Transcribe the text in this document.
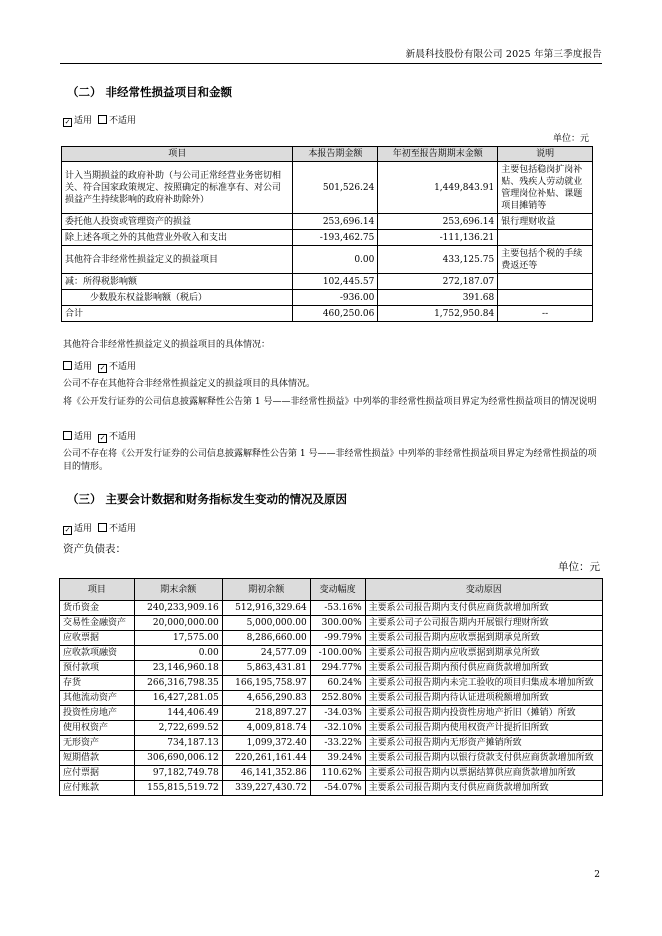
新晨科技股份有限公司 2025 年第三季度报告
（二） 非经常性损益项目和金额
✓ 适用 不适用
单位：元
项目	本报告期金额	年初至报告期期末金额	说明
计入当期损益的政府补助（与公司正常经营业务密切相关、符合国家政策规定、按照确定的标准享有、对公司损益产生持续影响的政府补助除外）	501,526.24	1,449,843.91	主要包括稳岗扩岗补贴、残疾人劳动就业管理岗位补贴、课题项目摊销等
委托他人投资或管理资产的损益	253,696.14	253,696.14	银行理财收益
除上述各项之外的其他营业外收入和支出	-193,462.75	-111,136.21	
其他符合非经常性损益定义的损益项目	0.00	433,125.75	主要包括个税的手续费返还等
减：所得税影响额	102,445.57	272,187.07	
少数股东权益影响额（税后）	-936.00	391.68	
合计	460,250.06	1,752,950.84	--
其他符合非经常性损益定义的损益项目的具体情况：
适用 ✓ 不适用
公司不存在其他符合非经常性损益定义的损益项目的具体情况。
将《公开发行证券的公司信息披露解释性公告第 1 号——非经常性损益》中列举的非经常性损益项目界定为经常性损益项目的情况说明
适用 ✓ 不适用
公司不存在将《公开发行证券的公司信息披露解释性公告第 1 号——非经常性损益》中列举的非经常性损益项目界定为经常性损益的项目的情形。
（三） 主要会计数据和财务指标发生变动的情况及原因
✓ 适用 不适用
资产负债表：
单位：元
项目	期末余额	期初余额	变动幅度	变动原因
货币资金	240,233,909.16	512,916,329.64	-53.16%	主要系公司报告期内支付供应商货款增加所致
交易性金融资产	20,000,000.00	5,000,000.00	300.00%	主要系公司子公司报告期内开展银行理财所致
应收票据	17,575.00	8,286,660.00	-99.79%	主要系公司报告期内应收票据到期承兑所致
应收款项融资	0.00	24,577.09	-100.00%	主要系公司报告期内应收票据到期承兑所致
预付款项	23,146,960.18	5,863,431.81	294.77%	主要系公司报告期内预付供应商货款增加所致
存货	266,316,798.35	166,195,758.97	60.24%	主要系公司报告期内未完工验收的项目归集成本增加所致
其他流动资产	16,427,281.05	4,656,290.83	252.80%	主要系公司报告期内待认证进项税额增加所致
投资性房地产	144,406.49	218,897.27	-34.03%	主要系公司报告期内投资性房地产折旧（摊销）所致
使用权资产	2,722,699.52	4,009,818.74	-32.10%	主要系公司报告期内使用权资产计提折旧所致
无形资产	734,187.13	1,099,372.40	-33.22%	主要系公司报告期内无形资产摊销所致
短期借款	306,690,006.12	220,261,161.44	39.24%	主要系公司报告期内以银行贷款支付供应商货款增加所致
应付票据	97,182,749.78	46,141,352.86	110.62%	主要系公司报告期内以票据结算供应商货款增加所致
应付账款	155,815,519.72	339,227,430.72	-54.07%	主要系公司报告期内支付供应商货款增加所致
2
